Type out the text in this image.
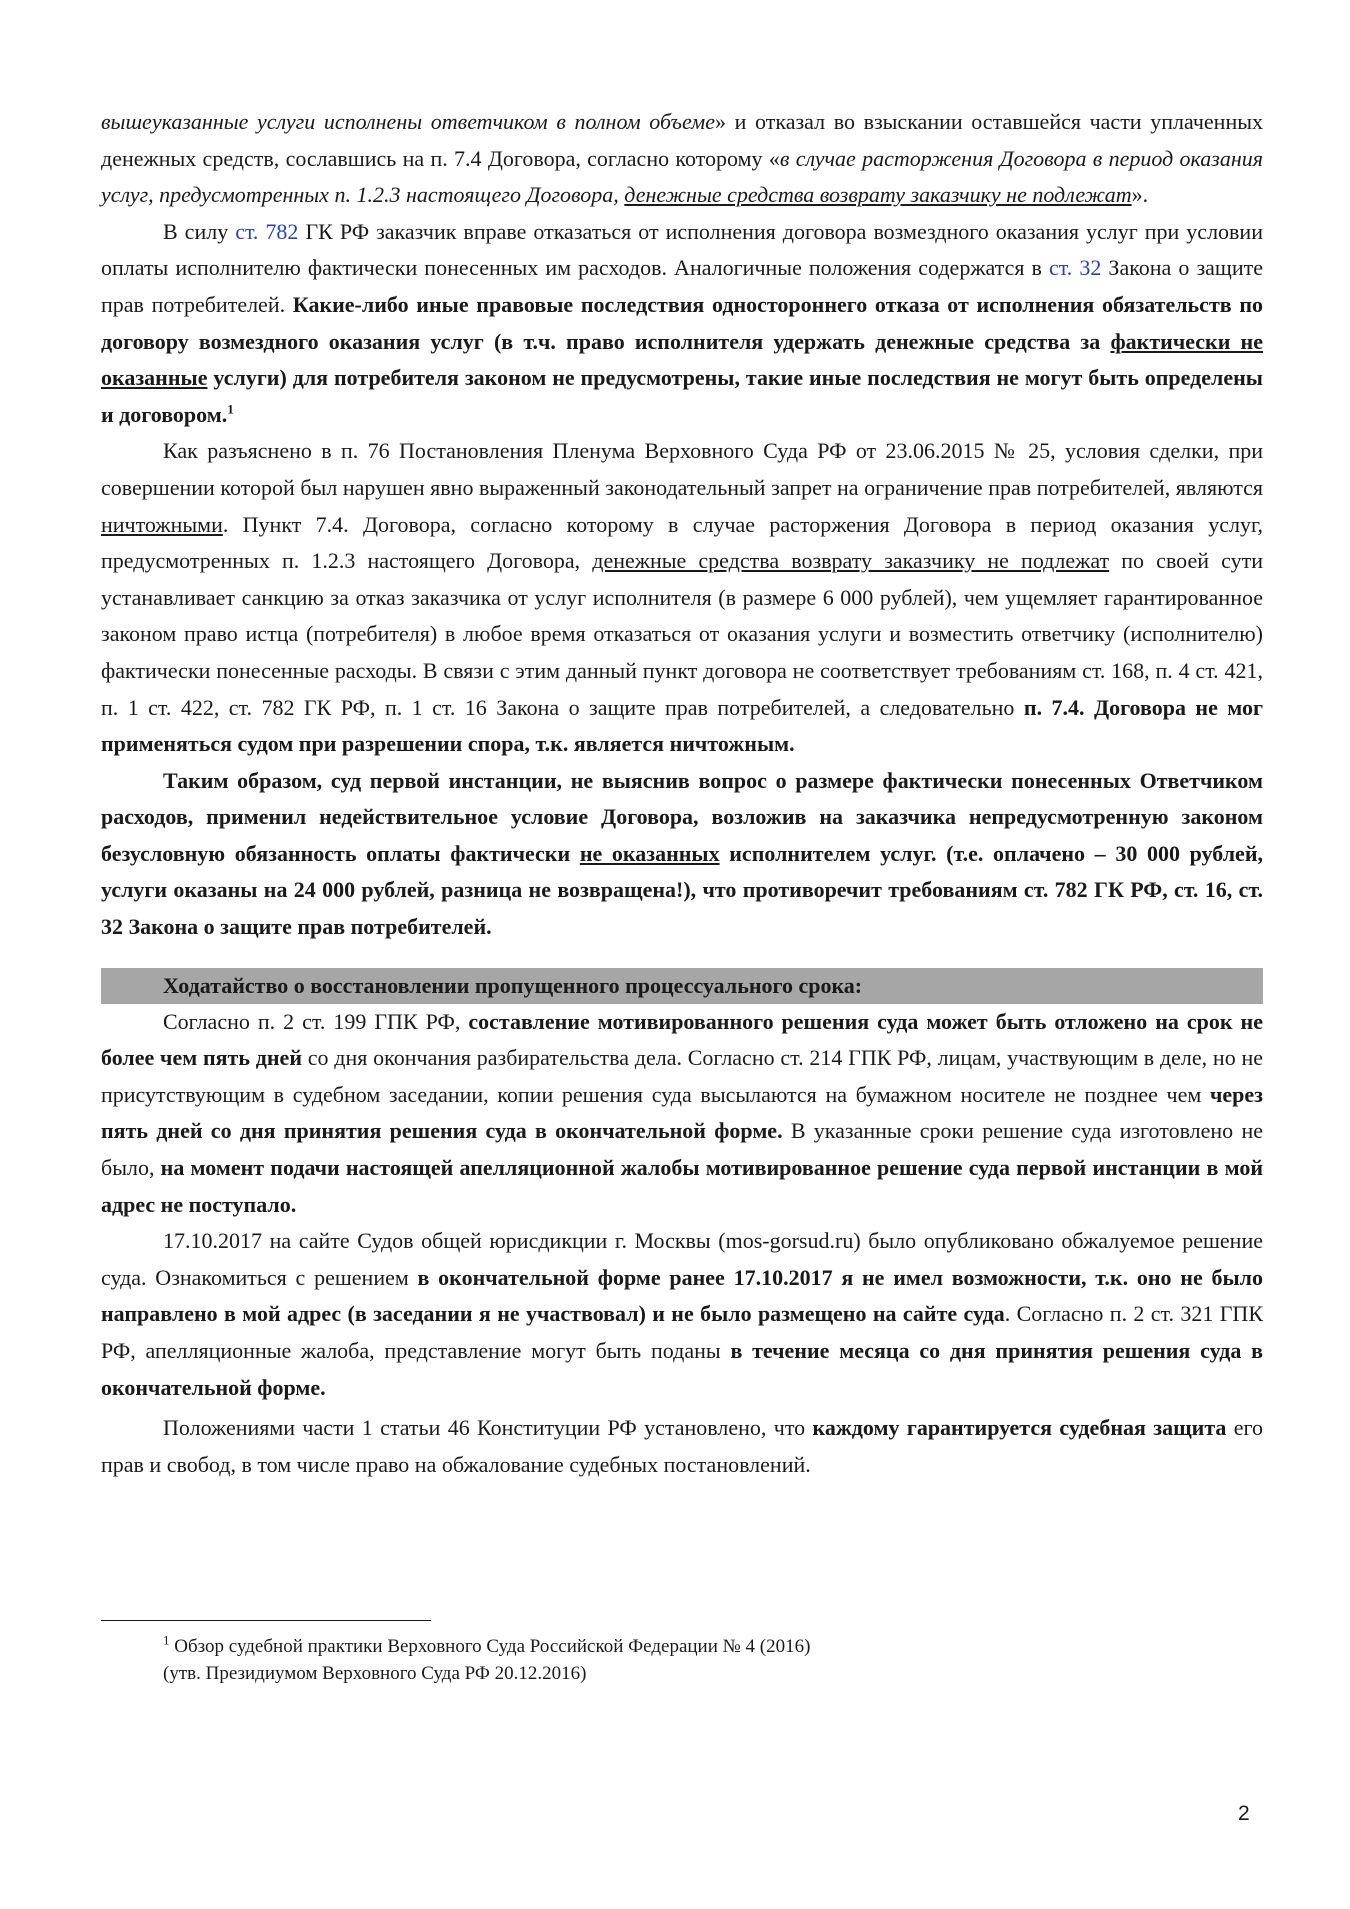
вышеуказанные услуги исполнены ответчиком в полном объеме» и отказал во взыскании оставшейся части уплаченных денежных средств, сославшись на п. 7.4 Договора, согласно которому «в случае расторжения Договора в период оказания услуг, предусмотренных п. 1.2.3 настоящего Договора, денежные средства возврату заказчику не подлежат».

В силу ст. 782 ГК РФ заказчик вправе отказаться от исполнения договора возмездного оказания услуг при условии оплаты исполнителю фактически понесенных им расходов. Аналогичные положения содержатся в ст. 32 Закона о защите прав потребителей. Какие-либо иные правовые последствия одностороннего отказа от исполнения обязательств по договору возмездного оказания услуг (в т.ч. право исполнителя удержать денежные средства за фактически не оказанные услуги) для потребителя законом не предусмотрены, такие иные последствия не могут быть определены и договором.$^1$

Как разъяснено в п. 76 Постановления Пленума Верховного Суда РФ от 23.06.2015 № 25, условия сделки, при совершении которой был нарушен явно выраженный законодательный запрет на ограничение прав потребителей, являются ничтожными. Пункт 7.4. Договора, согласно которому в случае расторжения Договора в период оказания услуг, предусмотренных п. 1.2.3 настоящего Договора, денежные средства возврату заказчику не подлежат по своей сути устанавливает санкцию за отказ заказчика от услуг исполнителя (в размере 6 000 рублей), чем ущемляет гарантированное законом право истца (потребителя) в любое время отказаться от оказания услуги и возместить ответчику (исполнителю) фактически понесенные расходы. В связи с этим данный пункт договора не соответствует требованиям ст. 168, п. 4 ст. 421, п. 1 ст. 422, ст. 782 ГК РФ, п. 1 ст. 16 Закона о защите прав потребителей, а следовательно п. 7.4. Договора не мог применяться судом при разрешении спора, т.к. является ничтожным.

Таким образом, суд первой инстанции, не выяснив вопрос о размере фактически понесенных Ответчиком расходов, применил недействительное условие Договора, возложив на заказчика непредусмотренную законом безусловную обязанность оплаты фактически не оказанных исполнителем услуг. (т.е. оплачено – 30 000 рублей, услуги оказаны на 24 000 рублей, разница не возвращена!), что противоречит требованиям ст. 782 ГК РФ, ст. 16, ст. 32 Закона о защите прав потребителей.

Ходатайство о восстановлении пропущенного процессуального срока:

Согласно п. 2 ст. 199 ГПК РФ, составление мотивированного решения суда может быть отложено на срок не более чем пять дней со дня окончания разбирательства дела. Согласно ст. 214 ГПК РФ, лицам, участвующим в деле, но не присутствующим в судебном заседании, копии решения суда высылаются на бумажном носителе не позднее чем через пять дней со дня принятия решения суда в окончательной форме. В указанные сроки решение суда изготовлено не было, на момент подачи настоящей апелляционной жалобы мотивированное решение суда первой инстанции в мой адрес не поступало.

17.10.2017 на сайте Судов общей юрисдикции г. Москвы (mos-gorsud.ru) было опубликовано обжалуемое решение суда. Ознакомиться с решением в окончательной форме ранее 17.10.2017 я не имел возможности, т.к. оно не было направлено в мой адрес (в заседании я не участвовал) и не было размещено на сайте суда. Согласно п. 2 ст. 321 ГПК РФ, апелляционные жалоба, представление могут быть поданы в течение месяца со дня принятия решения суда в окончательной форме.

Положениями части 1 статьи 46 Конституции РФ установлено, что каждому гарантируется судебная защита его прав и свобод, в том числе право на обжалование судебных постановлений.

$^1$ Обзор судебной практики Верховного Суда Российской Федерации № 4 (2016)
(утв. Президиумом Верховного Суда РФ 20.12.2016)
2
